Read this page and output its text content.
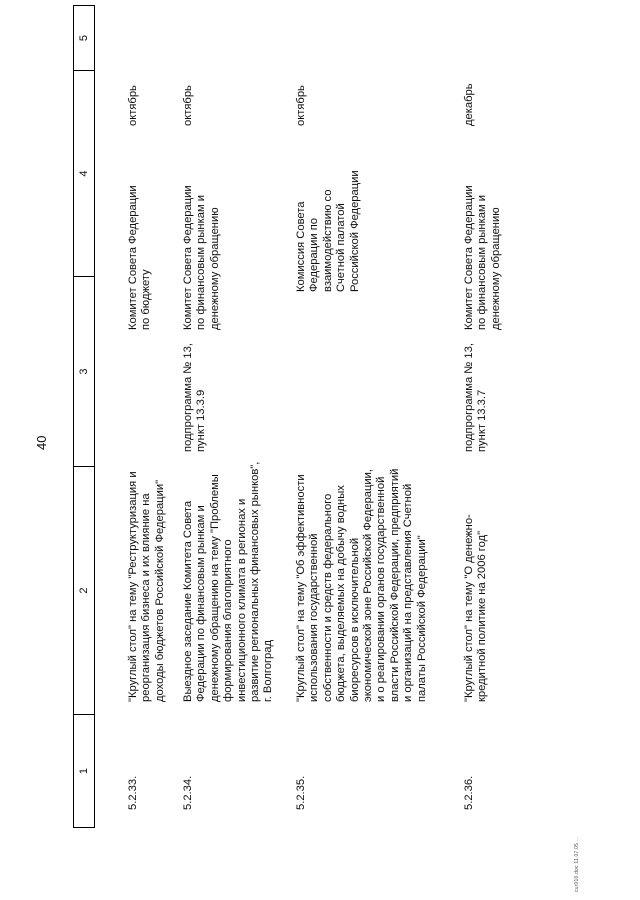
40
1
2
3
4
5
5.2.33.
"Круглый стол" на тему "Реструктуризация и
реорганизация бизнеса и их влияние на
доходы бюджетов Российской Федерации"
Комитет Совета Федерации
по бюджету
октябрь
5.2.34.
Выездное заседание Комитета Совета
Федерации по финансовым рынкам и
денежному обращению на тему "Проблемы
формирования благоприятного
инвестиционного климата в регионах и
развитие региональных финансовых рынков",
г. Волгоград
подпрограмма № 13,
пункт 13.3.9
Комитет Совета Федерации
по финансовым рынкам и
денежному обращению
октябрь
5.2.35.
"Круглый стол" на тему "Об эффективности
использования государственной
собственности и средств федерального
бюджета, выделяемых на добычу водных
биоресурсов в исключительной
экономической зоне Российской Федерации,
и о реагировании органов государственной
власти Российской Федерации, предприятий
и организаций на представления Счетной
палаты Российской Федерации"
Комиссия Совета
Федерации по
взаимодействию со
Счетной палатой
Российской Федерации
октябрь
5.2.36.
"Круглый стол" на тему "О денежно-
кредитной политике на 2006 год"
подпрограмма № 13,
пункт 13.3.7
Комитет Совета Федерации
по финансовым рынкам и
денежному обращению
декабрь
cur016.doc 11.07.05 ...
